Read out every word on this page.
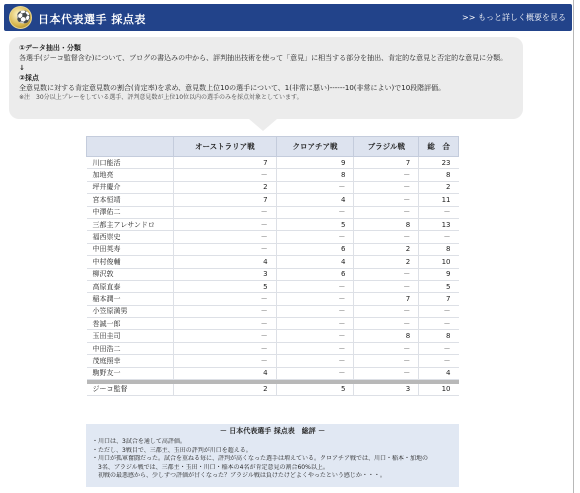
⚽ 日本代表選手 採点表	>> もっと詳しく概要を見る
①データ抽出・分類
各選手(ジーコ監督含む)について、ブログの書込みの中から、評判抽出技術を使って「意見」に相当する部分を抽出、肯定的な意見と否定的な意見に分類。
↓
②採点
全意見数に対する肯定意見数の割合(肯定率)を求め、意見数上位10の選手について、1(非常に悪い)------10(非常によい)で10段階評価。
※注　30分以上プレーをしている選手、評判意見数が上位10位以内の選手のみを採点対象としています。
	オーストラリア戦	クロアチア戦	ブラジル戦	総　合
川口能活	7	9	7	23
加地亮	－	8	－	8
坪井慶介	2	－	－	2
宮本恒靖	7	4	－	11
中澤佑二	－	－	－	－
三都主アレサンドロ	－	5	8	13
福西崇史	－	－	－	－
中田英寿	－	6	2	8
中村俊輔	4	4	2	10
柳沢敦	3	6	－	9
高原直泰	5	－	－	5
稲本潤一	－	－	7	7
小笠原満男	－	－	－	－
巻誠一郎	－	－	－	－
玉田圭司	－	－	8	8
中田浩二	－	－	－	－
茂庭照幸	－	－	－	－
駒野友一	4	－	－	4

ジーコ監督	2	5	3	10
－ 日本代表選手 採点表　総評 －
・川口は、3試合を通して高評価。
・ただし、3戦目で、三都主、玉田の評判が川口を超える。
・川口が孤軍奮闘だった。試合を重ねる毎に、評判が高くなった選手は増えている。クロアチア戦では、川口・稲本・加地の
　3名、ブラジル戦では、三都主・玉田・川口・稲本の4名が肯定意見の割合60%以上。
　初戦の最悪感から、少しずつ評価が甘くなった？ブラジル戦は負けたけどよくやったという感じか・・・。
